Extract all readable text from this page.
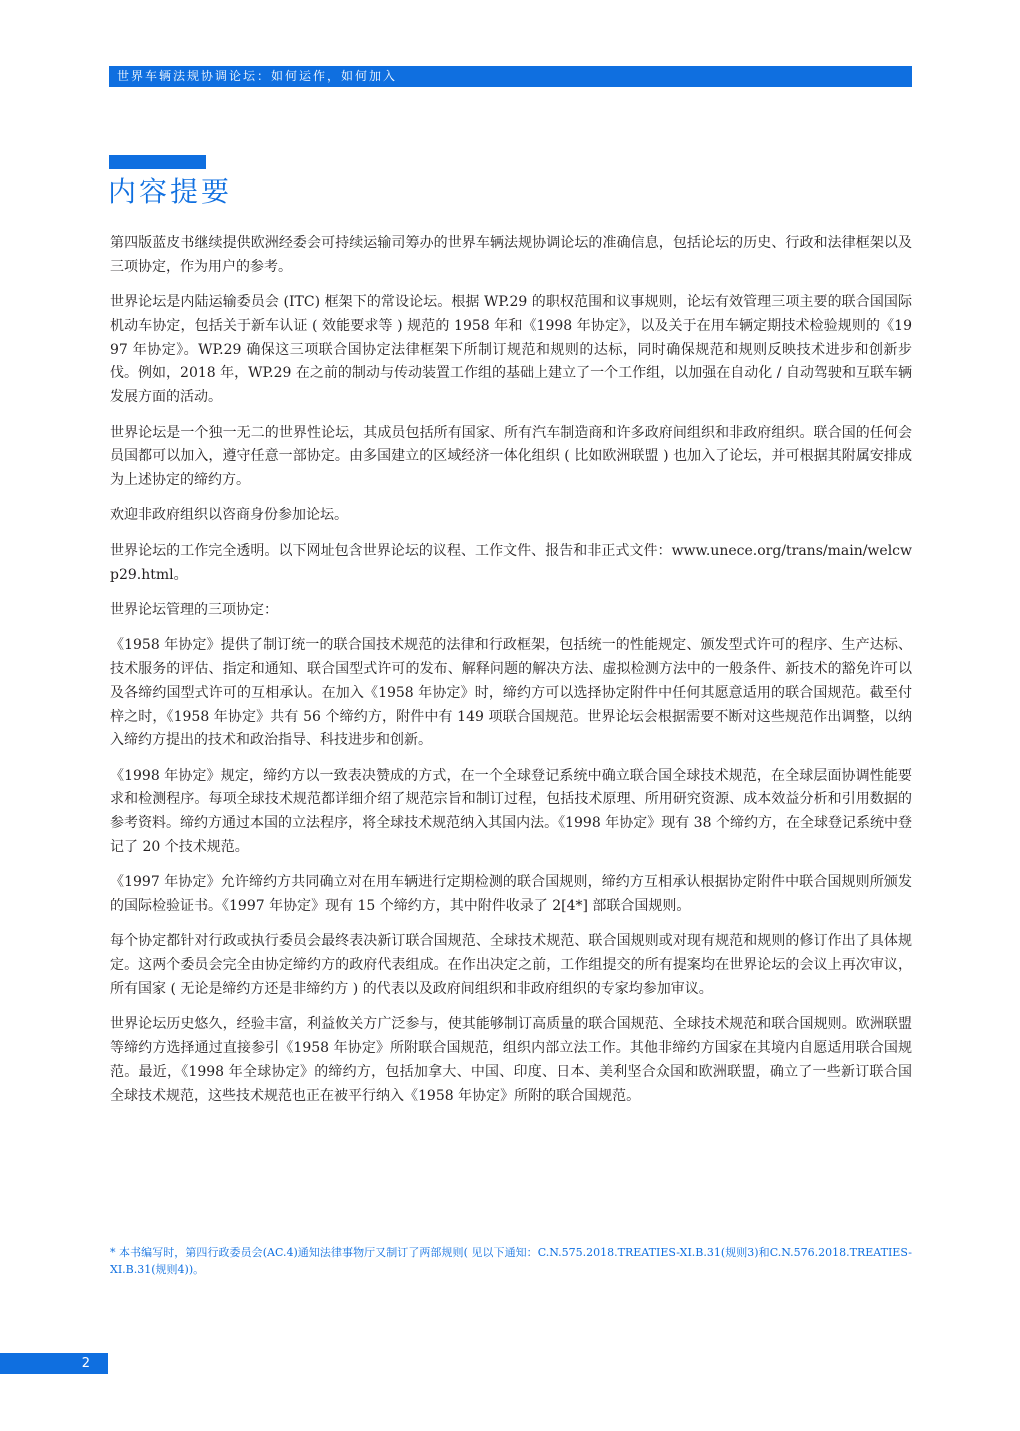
世界车辆法规协调论坛：如何运作，如何加入
内容提要

第四版蓝皮书继续提供欧洲经委会可持续运输司筹办的世界车辆法规协调论坛的准确信息，包括论坛的历史、行政和法律框架以及三项协定，作为用户的参考。

世界论坛是内陆运输委员会 (ITC) 框架下的常设论坛。根据 WP.29 的职权范围和议事规则，论坛有效管理三项主要的联合国国际机动车协定，包括关于新车认证 ( 效能要求等 ) 规范的 1958 年和《1998 年协定》，以及关于在用车辆定期技术检验规则的《1997 年协定》。WP.29 确保这三项联合国协定法律框架下所制订规范和规则的达标，同时确保规范和规则反映技术进步和创新步伐。例如，2018 年，WP.29 在之前的制动与传动装置工作组的基础上建立了一个工作组，以加强在自动化 / 自动驾驶和互联车辆发展方面的活动。

世界论坛是一个独一无二的世界性论坛，其成员包括所有国家、所有汽车制造商和许多政府间组织和非政府组织。联合国的任何会员国都可以加入，遵守任意一部协定。由多国建立的区域经济一体化组织 ( 比如欧洲联盟 ) 也加入了论坛，并可根据其附属安排成为上述协定的缔约方。

欢迎非政府组织以咨商身份参加论坛。

世界论坛的工作完全透明。以下网址包含世界论坛的议程、工作文件、报告和非正式文件：www.unece.org/trans/main/welcwp29.html。

世界论坛管理的三项协定：

《1958 年协定》提供了制订统一的联合国技术规范的法律和行政框架，包括统一的性能规定、颁发型式许可的程序、生产达标、技术服务的评估、指定和通知、联合国型式许可的发布、解释问题的解决方法、虚拟检测方法中的一般条件、新技术的豁免许可以及各缔约国型式许可的互相承认。在加入《1958 年协定》时，缔约方可以选择协定附件中任何其愿意适用的联合国规范。截至付梓之时，《1958 年协定》共有 56 个缔约方，附件中有 149 项联合国规范。世界论坛会根据需要不断对这些规范作出调整，以纳入缔约方提出的技术和政治指导、科技进步和创新。

《1998 年协定》规定，缔约方以一致表决赞成的方式，在一个全球登记系统中确立联合国全球技术规范，在全球层面协调性能要求和检测程序。每项全球技术规范都详细介绍了规范宗旨和制订过程，包括技术原理、所用研究资源、成本效益分析和引用数据的参考资料。缔约方通过本国的立法程序，将全球技术规范纳入其国内法。《1998 年协定》现有 38 个缔约方，在全球登记系统中登记了 20 个技术规范。

《1997 年协定》允许缔约方共同确立对在用车辆进行定期检测的联合国规则，缔约方互相承认根据协定附件中联合国规则所颁发的国际检验证书。《1997 年协定》现有 15 个缔约方，其中附件收录了 2[4*] 部联合国规则。

每个协定都针对行政或执行委员会最终表决新订联合国规范、全球技术规范、联合国规则或对现有规范和规则的修订作出了具体规定。这两个委员会完全由协定缔约方的政府代表组成。在作出决定之前，工作组提交的所有提案均在世界论坛的会议上再次审议，所有国家 ( 无论是缔约方还是非缔约方 ) 的代表以及政府间组织和非政府组织的专家均参加审议。

世界论坛历史悠久，经验丰富，利益攸关方广泛参与，使其能够制订高质量的联合国规范、全球技术规范和联合国规则。欧洲联盟等缔约方选择通过直接参引《1958 年协定》所附联合国规范，组织内部立法工作。其他非缔约方国家在其境内自愿适用联合国规范。最近，《1998 年全球协定》的缔约方，包括加拿大、中国、印度、日本、美利坚合众国和欧洲联盟，确立了一些新订联合国全球技术规范，这些技术规范也正在被平行纳入《1958 年协定》所附的联合国规范。

* 本书编写时，第四行政委员会(AC.4)通知法律事物厅又制订了两部规则( 见以下通知：C.N.575.2018.TREATIES-XI.B.31(规则3)和C.N.576.2018.TREATIES-XI.B.31(规则4))。

2
